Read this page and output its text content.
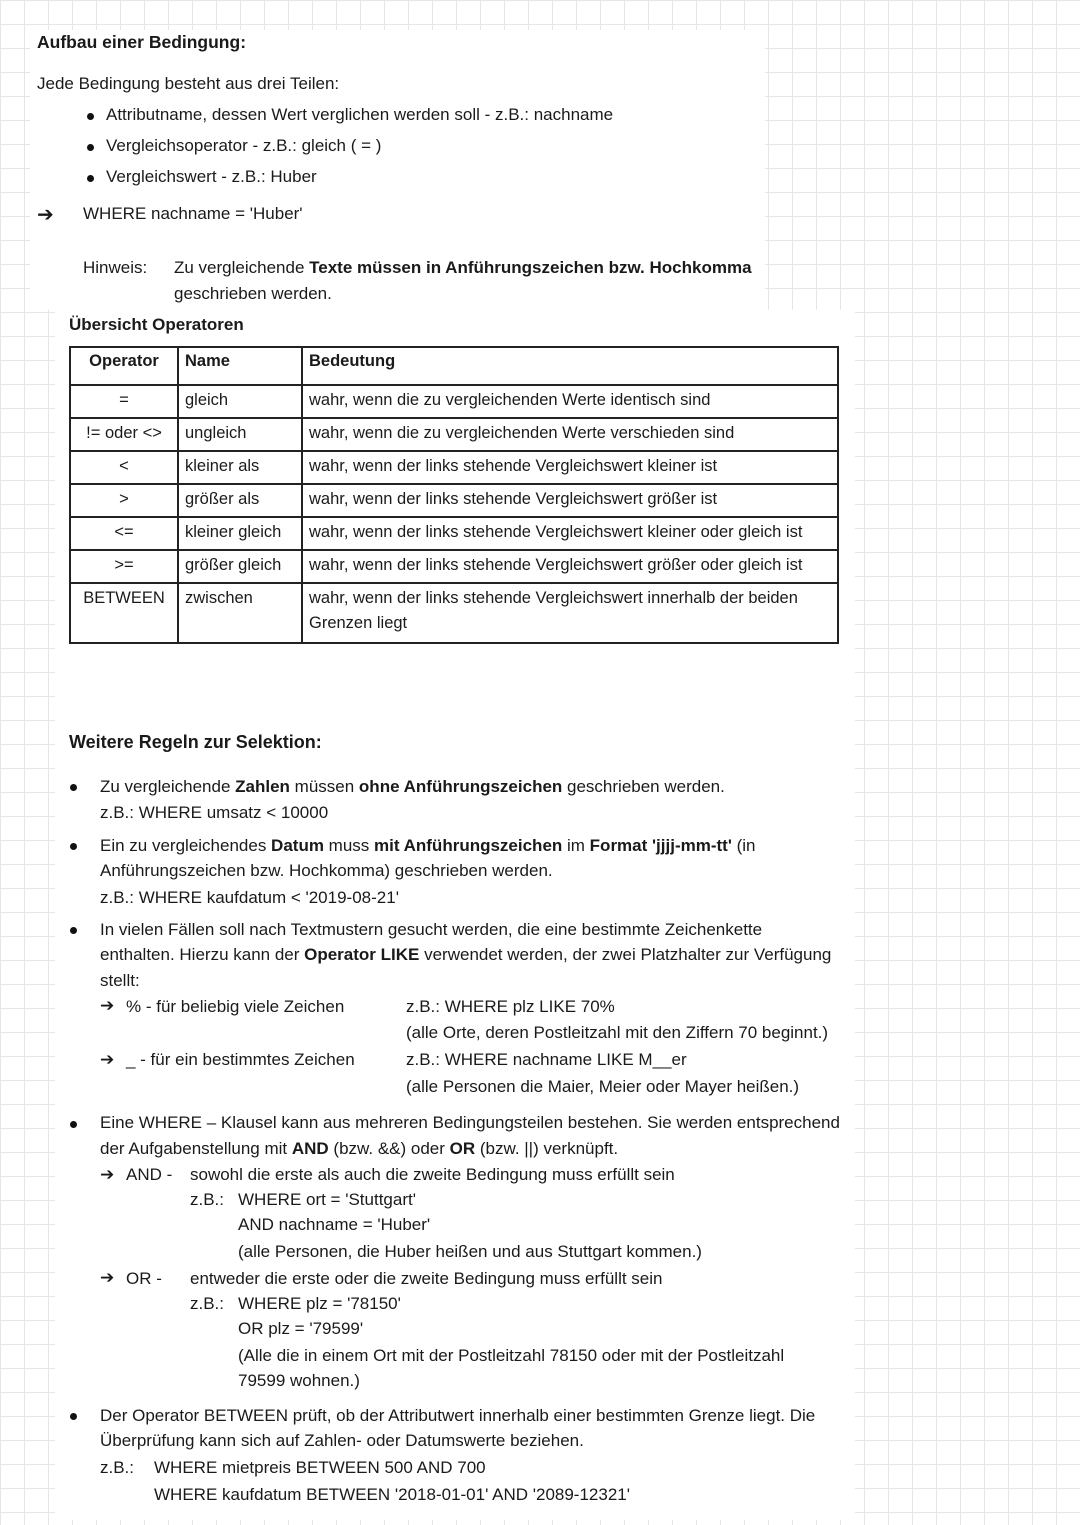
Aufbau einer Bedingung:
Jede Bedingung besteht aus drei Teilen:
Attributname, dessen Wert verglichen werden soll - z.B.: nachname
Vergleichsoperator - z.B.: gleich ( = )
Vergleichswert - z.B.: Huber
➔ WHERE nachname = 'Huber'
Hinweis: Zu vergleichende Texte müssen in Anführungszeichen bzw. Hochkomma
geschrieben werden.
Übersicht Operatoren
Operator	Name	Bedeutung
=	gleich	wahr, wenn die zu vergleichenden Werte identisch sind
!= oder <>	ungleich	wahr, wenn die zu vergleichenden Werte verschieden sind
<	kleiner als	wahr, wenn der links stehende Vergleichswert kleiner ist
>	größer als	wahr, wenn der links stehende Vergleichswert größer ist
<=	kleiner gleich	wahr, wenn der links stehende Vergleichswert kleiner oder gleich ist
>=	größer gleich	wahr, wenn der links stehende Vergleichswert größer oder gleich ist
BETWEEN	zwischen	wahr, wenn der links stehende Vergleichswert innerhalb der beiden Grenzen liegt
Weitere Regeln zur Selektion:
Zu vergleichende Zahlen müssen ohne Anführungszeichen geschrieben werden.
z.B.: WHERE umsatz < 10000
Ein zu vergleichendes Datum muss mit Anführungszeichen im Format 'jjjj-mm-tt' (in
Anführungszeichen bzw. Hochkomma) geschrieben werden.
z.B.: WHERE kaufdatum < '2019-08-21'
In vielen Fällen soll nach Textmustern gesucht werden, die eine bestimmte Zeichenkette
enthalten. Hierzu kann der Operator LIKE verwendet werden, der zwei Platzhalter zur Verfügung
stellt:
➔ % - für beliebig viele Zeichen	z.B.: WHERE plz LIKE 70%
(alle Orte, deren Postleitzahl mit den Ziffern 70 beginnt.)
➔ _ - für ein bestimmtes Zeichen	z.B.: WHERE nachname LIKE M__er
(alle Personen die Maier, Meier oder Mayer heißen.)
Eine WHERE – Klausel kann aus mehreren Bedingungsteilen bestehen. Sie werden entsprechend
der Aufgabenstellung mit AND (bzw. &&) oder OR (bzw. ||) verknüpft.
➔ AND - sowohl die erste als auch die zweite Bedingung muss erfüllt sein
z.B.: WHERE ort = 'Stuttgart'
AND nachname = 'Huber'
(alle Personen, die Huber heißen und aus Stuttgart kommen.)
➔ OR - entweder die erste oder die zweite Bedingung muss erfüllt sein
z.B.: WHERE plz = '78150'
OR plz = '79599'
(Alle die in einem Ort mit der Postleitzahl 78150 oder mit der Postleitzahl
79599 wohnen.)
Der Operator BETWEEN prüft, ob der Attributwert innerhalb einer bestimmten Grenze liegt. Die
Überprüfung kann sich auf Zahlen- oder Datumswerte beziehen.
z.B.: WHERE mietpreis BETWEEN 500 AND 700
WHERE kaufdatum BETWEEN '2018-01-01' AND '2089-12321'
